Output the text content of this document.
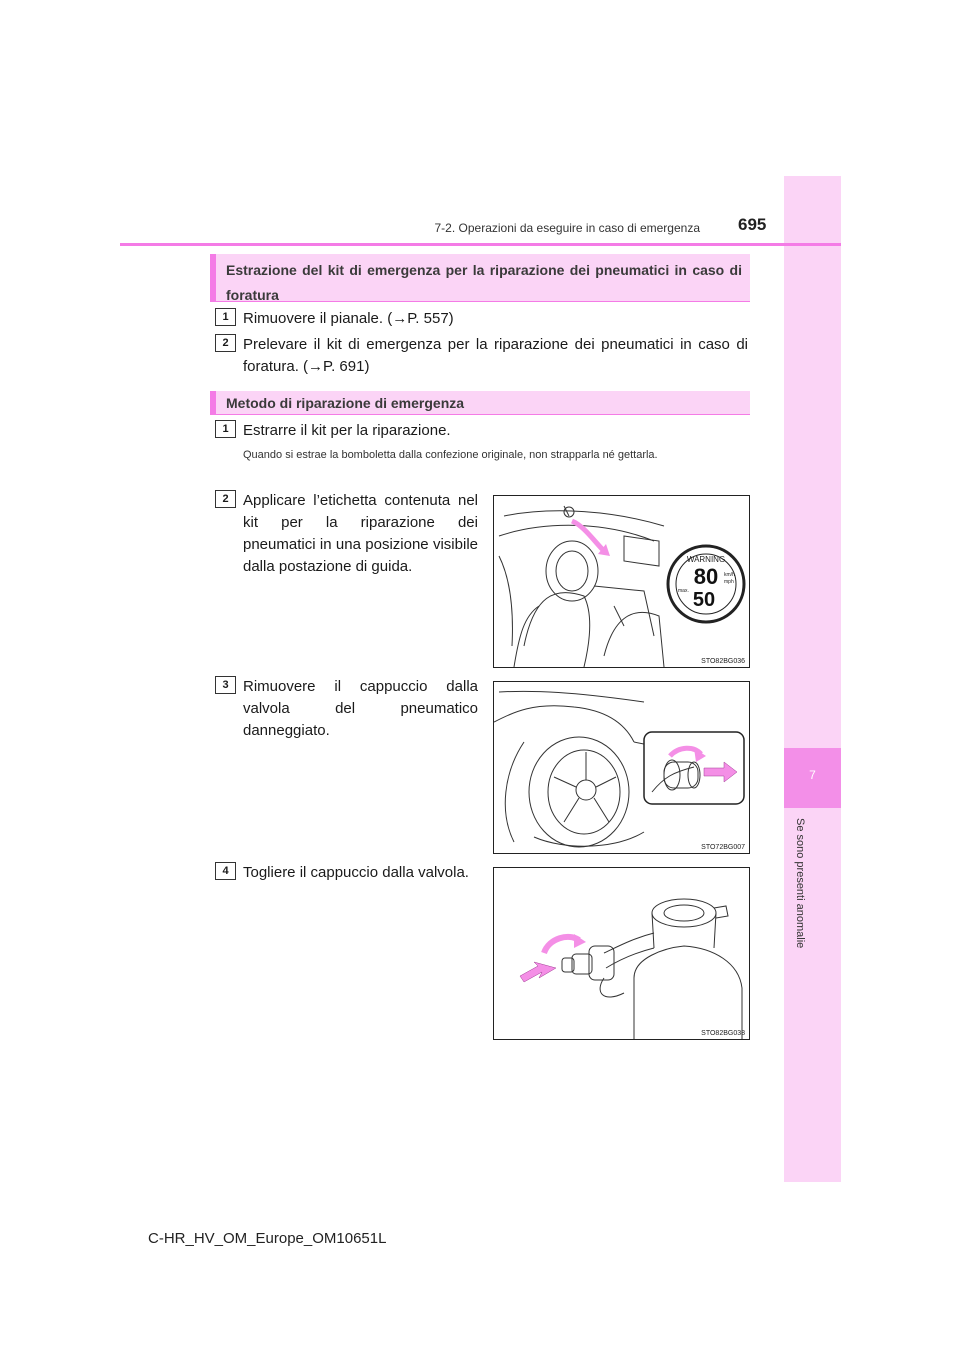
7
Se sono presenti anomalie
7-2. Operazioni da eseguire in caso di emergenza 695
Estrazione del kit di emergenza per la riparazione dei pneumatici in caso di foratura
1 Rimuovere il pianale. (→P. 557)
2 Prelevare il kit di emergenza per la riparazione dei pneumatici in caso di foratura. (→P. 691)
Metodo di riparazione di emergenza
1 Estrarre il kit per la riparazione.
Quando si estrae la bomboletta dalla confezione originale, non strapparla né gettarla.
2 Applicare l’etichetta contenuta nel kit per la riparazione dei pneumatici in una posizione visibile dalla postazione di guida.
3 Rimuovere il cappuccio dalla valvola del pneumatico danneggiato.
4 Togliere il cappuccio dalla valvola.
WARNING
80
50
km/h
mph
max.
STO82BG036
STO72BG007
STO82BG038
C-HR_HV_OM_Europe_OM10651L
